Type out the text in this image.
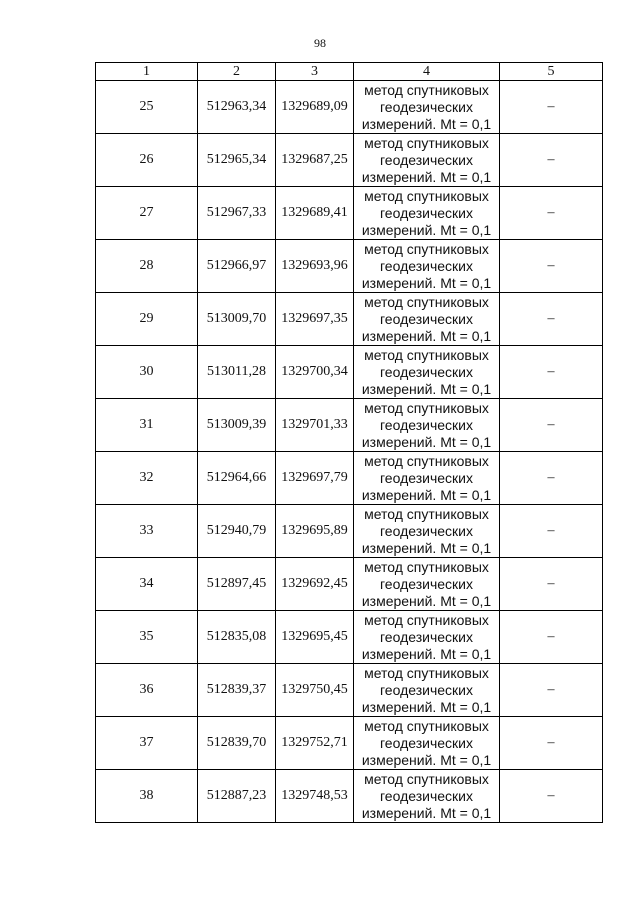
98
1	2	3	4	5
25	512963,34	1329689,09	метод спутниковых
геодезических
измерений. Mt = 0,1	–
26	512965,34	1329687,25	метод спутниковых
геодезических
измерений. Mt = 0,1	–
27	512967,33	1329689,41	метод спутниковых
геодезических
измерений. Mt = 0,1	–
28	512966,97	1329693,96	метод спутниковых
геодезических
измерений. Mt = 0,1	–
29	513009,70	1329697,35	метод спутниковых
геодезических
измерений. Mt = 0,1	–
30	513011,28	1329700,34	метод спутниковых
геодезических
измерений. Mt = 0,1	–
31	513009,39	1329701,33	метод спутниковых
геодезических
измерений. Mt = 0,1	–
32	512964,66	1329697,79	метод спутниковых
геодезических
измерений. Mt = 0,1	–
33	512940,79	1329695,89	метод спутниковых
геодезических
измерений. Mt = 0,1	–
34	512897,45	1329692,45	метод спутниковых
геодезических
измерений. Mt = 0,1	–
35	512835,08	1329695,45	метод спутниковых
геодезических
измерений. Mt = 0,1	–
36	512839,37	1329750,45	метод спутниковых
геодезических
измерений. Mt = 0,1	–
37	512839,70	1329752,71	метод спутниковых
геодезических
измерений. Mt = 0,1	–
38	512887,23	1329748,53	метод спутниковых
геодезических
измерений. Mt = 0,1	–
